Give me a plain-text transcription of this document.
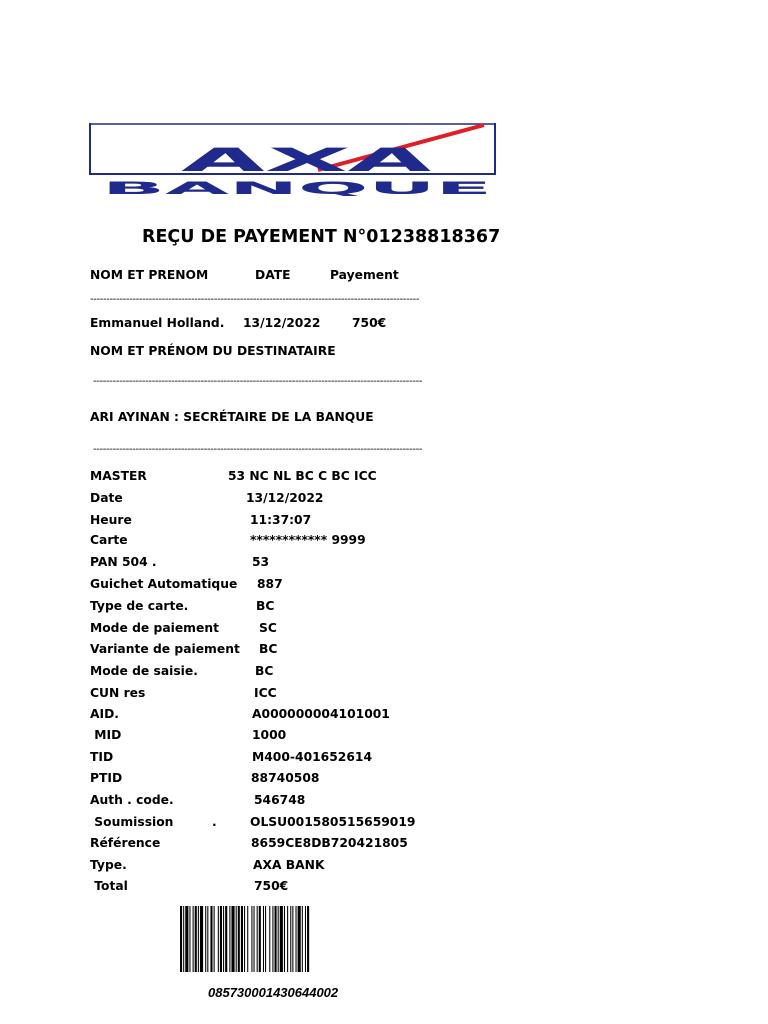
AXA
BANQUE
REÇU DE PAYEMENT N°01238818367
NOM ET PRENOM	DATE	Payement
-----------------------------------------------------------------------------------------------------
Emmanuel Holland. 13/12/2022	750€
NOM ET PRÉNOM DU DESTINATAIRE
-----------------------------------------------------------------------------------------------------
ARI AYINAN : SECRÉTAIRE DE LA BANQUE
-----------------------------------------------------------------------------------------------------
MASTER	53 NC NL BC C BC ICC
Date	13/12/2022
Heure	11:37:07
Carte	************ 9999
PAN 504 .	53
Guichet Automatique 887
Type de carte.	BC
Mode de paiement	SC
Variante de paiement BC
Mode de saisie.	BC
CUN res	ICC
AID.	A000000004101001
MID	1000
TID	M400-401652614
PTID	88740508
Auth . code.	546748
Soumission         .	OLSU001580515659019
Référence	8659CE8DB720421805
Type.	AXA BANK
Total	750€
085730001430644002
